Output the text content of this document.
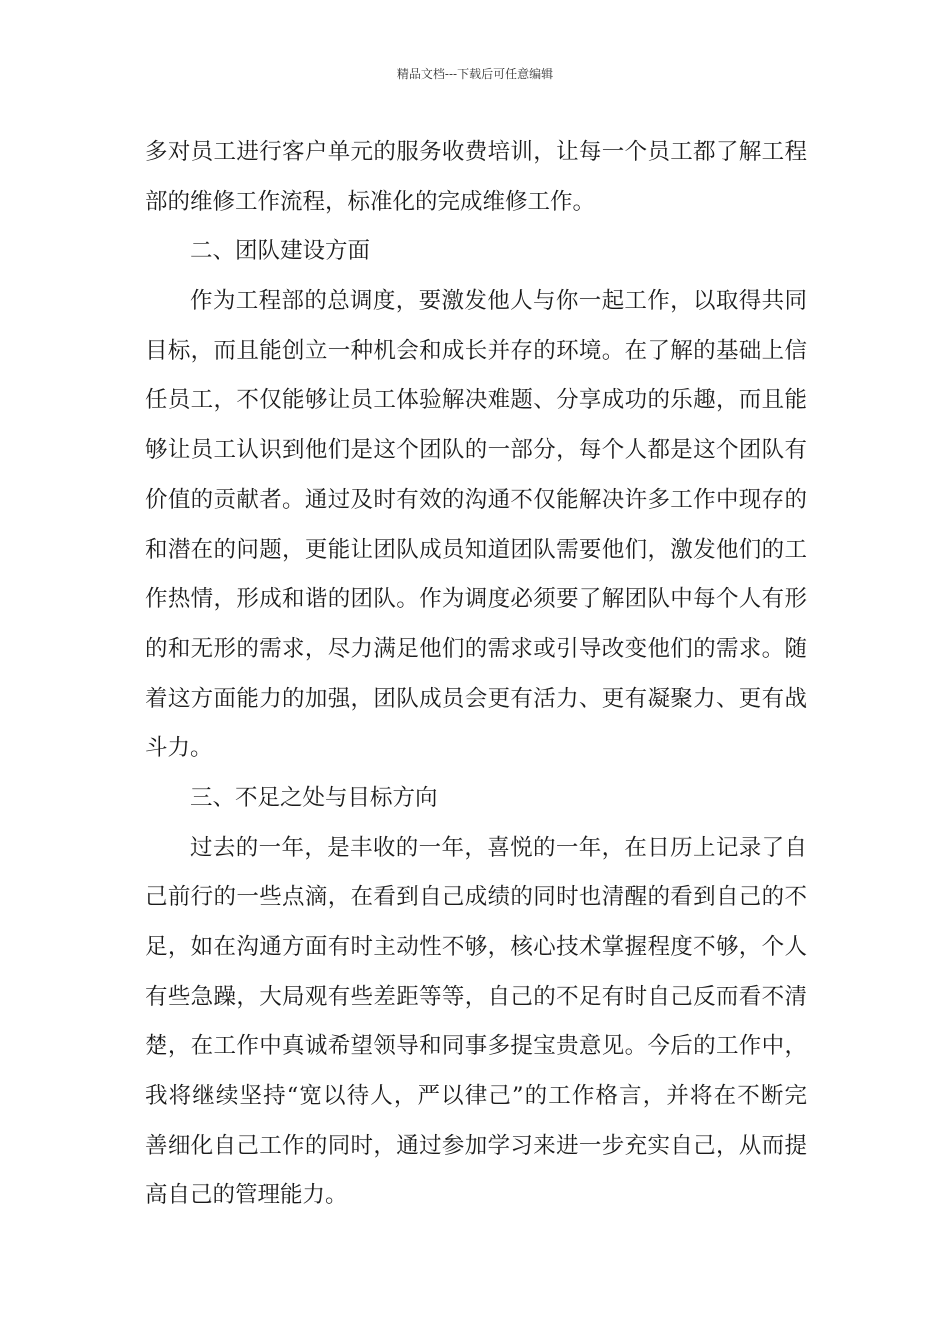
精品文档---下载后可任意编辑
多对员工进行客户单元的服务收费培训，让每一个员工都了解工程
部的维修工作流程，标准化的完成维修工作。
二、团队建设方面
作为工程部的总调度，要激发他人与你一起工作，以取得共同
目标，而且能创立一种机会和成长并存的环境。在了解的基础上信
任员工，不仅能够让员工体验解决难题、分享成功的乐趣，而且能
够让员工认识到他们是这个团队的一部分，每个人都是这个团队有
价值的贡献者。通过及时有效的沟通不仅能解决许多工作中现存的
和潜在的问题，更能让团队成员知道团队需要他们，激发他们的工
作热情，形成和谐的团队。作为调度必须要了解团队中每个人有形
的和无形的需求，尽力满足他们的需求或引导改变他们的需求。随
着这方面能力的加强，团队成员会更有活力、更有凝聚力、更有战
斗力。
三、不足之处与目标方向
过去的一年，是丰收的一年，喜悦的一年，在日历上记录了自
己前行的一些点滴，在看到自己成绩的同时也清醒的看到自己的不
足，如在沟通方面有时主动性不够，核心技术掌握程度不够，个人
有些急躁，大局观有些差距等等，自己的不足有时自己反而看不清
楚，在工作中真诚希望领导和同事多提宝贵意见。今后的工作中，
我将继续坚持“宽以待人，严以律己”的工作格言，并将在不断完
善细化自己工作的同时，通过参加学习来进一步充实自己，从而提
高自己的管理能力。
